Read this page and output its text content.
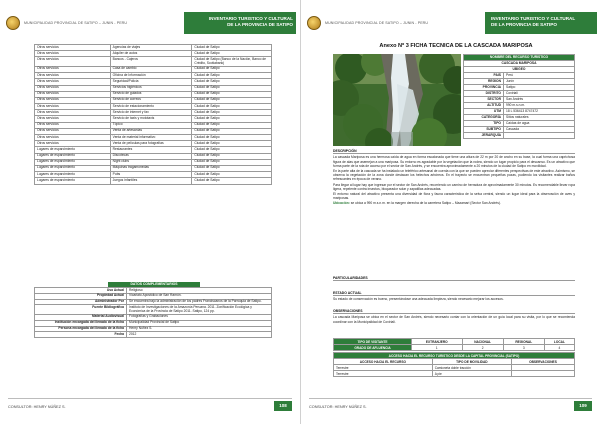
MUNICIPALIDAD PROVINCIAL DE SATIPO – JUNIN - PERU
INVENTARIO TURISTICO Y CULTURAL
DE LA PROVINCIA DE SATIPO
Otros servicios	Agencias de viajes	Ciudad de Satipo
Otros servicios	Alquiler de autos	Ciudad de Satipo
Otros servicios	Bancos - Cajeros	Ciudad de Satipo (Banco de la Nación, Banco de Crédito, Scotiabank)
Otros servicios	Casa de cambio	Ciudad de Satipo
Otros servicios	Oficina de Información	Ciudad de Satipo
Otros servicios	Seguridad/Policía	Ciudad de Satipo
Otros servicios	Servicios higiénicos	Ciudad de Satipo
Otros servicios	Servicio de guiados	Ciudad de Satipo
Otros servicios	Servicio de correos	Ciudad de Satipo
Otros servicios	Servicio de estacionamiento	Ciudad de Satipo
Otros servicios	Servicio de internet y fax	Ciudad de Satipo
Otros servicios	Servicio de taxis y mototaxis	Ciudad de Satipo
Otros servicios	Tópico	Ciudad de Satipo
Otros servicios	Venta de artesanías	Ciudad de Satipo
Otros servicios	Venta de material informativo	Ciudad de Satipo
Otros servicios	Venta de películas para fotografías	Ciudad de Satipo
Lugares de esparcimiento	Restaurantes	Ciudad de Satipo
Lugares de esparcimiento	Discotecas	Ciudad de Satipo
Lugares de esparcimiento	Night clubs	Ciudad de Satipo
Lugares de esparcimiento	Máquinas tragamonedas	Ciudad de Satipo
Lugares de esparcimiento	Pubs	Ciudad de Satipo
Lugares de esparcimiento	Juegos infantiles	Ciudad de Satipo
DATOS COMPLEMENTARIOS
Uso Actual	Religioso
Propiedad Actual	Vicariato Apostólico de San Ramón.
Administrador Por	Se encuentra bajo la administración de los padres Franciscanos de la Parroquia de Satipo.
Fuente Bibliográfica	Instituto de Investigaciones de la Amazonía Peruana. 2011. Zonificación Ecológica y Económica de la Provincia de Satipo 2011. Satipo, 124 pp.
Material Audiovisual	Fotografías y Grabaciones
Institución encargada del llenado de la ficha	Municipalidad Provincial de Satipo
Persona encargada del llenado de la ficha	Henry Núñez S.
Fecha	2012
CONSULTOR: HENRY NÚÑEZ S.	108
MUNICIPALIDAD PROVINCIAL DE SATIPO – JUNIN - PERU
INVENTARIO TURISTICO Y CULTURAL
DE LA PROVINCIA DE SATIPO
Anexo Nº 3 FICHA TECNICA DE LA CASCADA MARIPOSA
NOMBRE DEL RECURSO TURISTICO	
CASCADA MARIPOSA	
UBIGEO	
PAIS	Perú
REGION	Junín
PROVINCIA	Satipo
DISTRITO	Coviriali
SECTOR	San Andrés
ALTITUD	990 m.s.n.m.
UTM	18 L 536413 8747472
CATEGORÍA	Sitios naturales
TIPO	Caídas de agua
SUBTIPO	Cascada
JERARQUÍA	
DESCRIPCIÓN
La cascada Mariposa es una hermosa caída de agua en forma escalonada que tiene una altura de 22 m por 20 de ancho en su base, la cual forma una caprichosa figura de alas que asemejan a una mariposa. Su entorno es agradable por la vegetación que la rodea, siendo un lugar propicio para el descanso. Es un atractivo que forma parte de la ruta de acceso por el sector de San Andrés, y se encuentra aproximadamente a 20 minutos de la ciudad de Satipo en movilidad.
En la parte alta de la cascada se ha instalado un teleférico artesanal de cuerda con la que se pueden apreciar diferentes perspectivas de este atractivo. Asimismo, se observa la vegetación de la zona donde destacan los helechos arbóreos. En el trayecto se encuentran pequeñas pozas, pudiendo los visitantes realizar baños refrescantes en época de verano.
Para llegar al lugar hay que ingresar por el sector de San Andrés, recorriendo un camino de herradura de aproximadamente 30 minutos. Es recomendable llevar ropa ligera, repelente contra insectos, bloqueador solar y zapatillas adecuadas.
El entorno natural del atractivo presenta una diversidad de flora y fauna característica de la selva central, siendo un lugar ideal para la observación de aves y mariposas.
Ubicación: se ubica a 990 m.s.n.m. en la margen derecha de la carretera Satipo – Mazamari (Sector San Andrés).
PARTICULARIDADES
ESTADO ACTUAL
Su estado de conservación es bueno, presentándose una adecuada limpieza, siendo necesario mejorar los accesos.
OBSERVACIONES
La cascada Mariposa se ubica en el sector de San Andrés, siendo necesario contar con la orientación de un guía local para su visita, por lo que se recomienda coordinar con la Municipalidad de Coviriali.
TIPO DE VISITANTE	EXTRANJERO	NACIONAL	REGIONAL	LOCAL
GRADO DE AFLUENCIA	1	2	3	4
ACCESO HACIA EL RECURSO TURISTICO DESDE LA CAPITAL PROVINCIAL (SATIPO)		
ACCESO HACIA EL RECURSO	TIPO DE MOVILIDAD	OBSERVACIONES
Terrestre	Camioneta doble tracción	
Terrestre	A pie	
CONSULTOR: HENRY NÚÑEZ S.	109
